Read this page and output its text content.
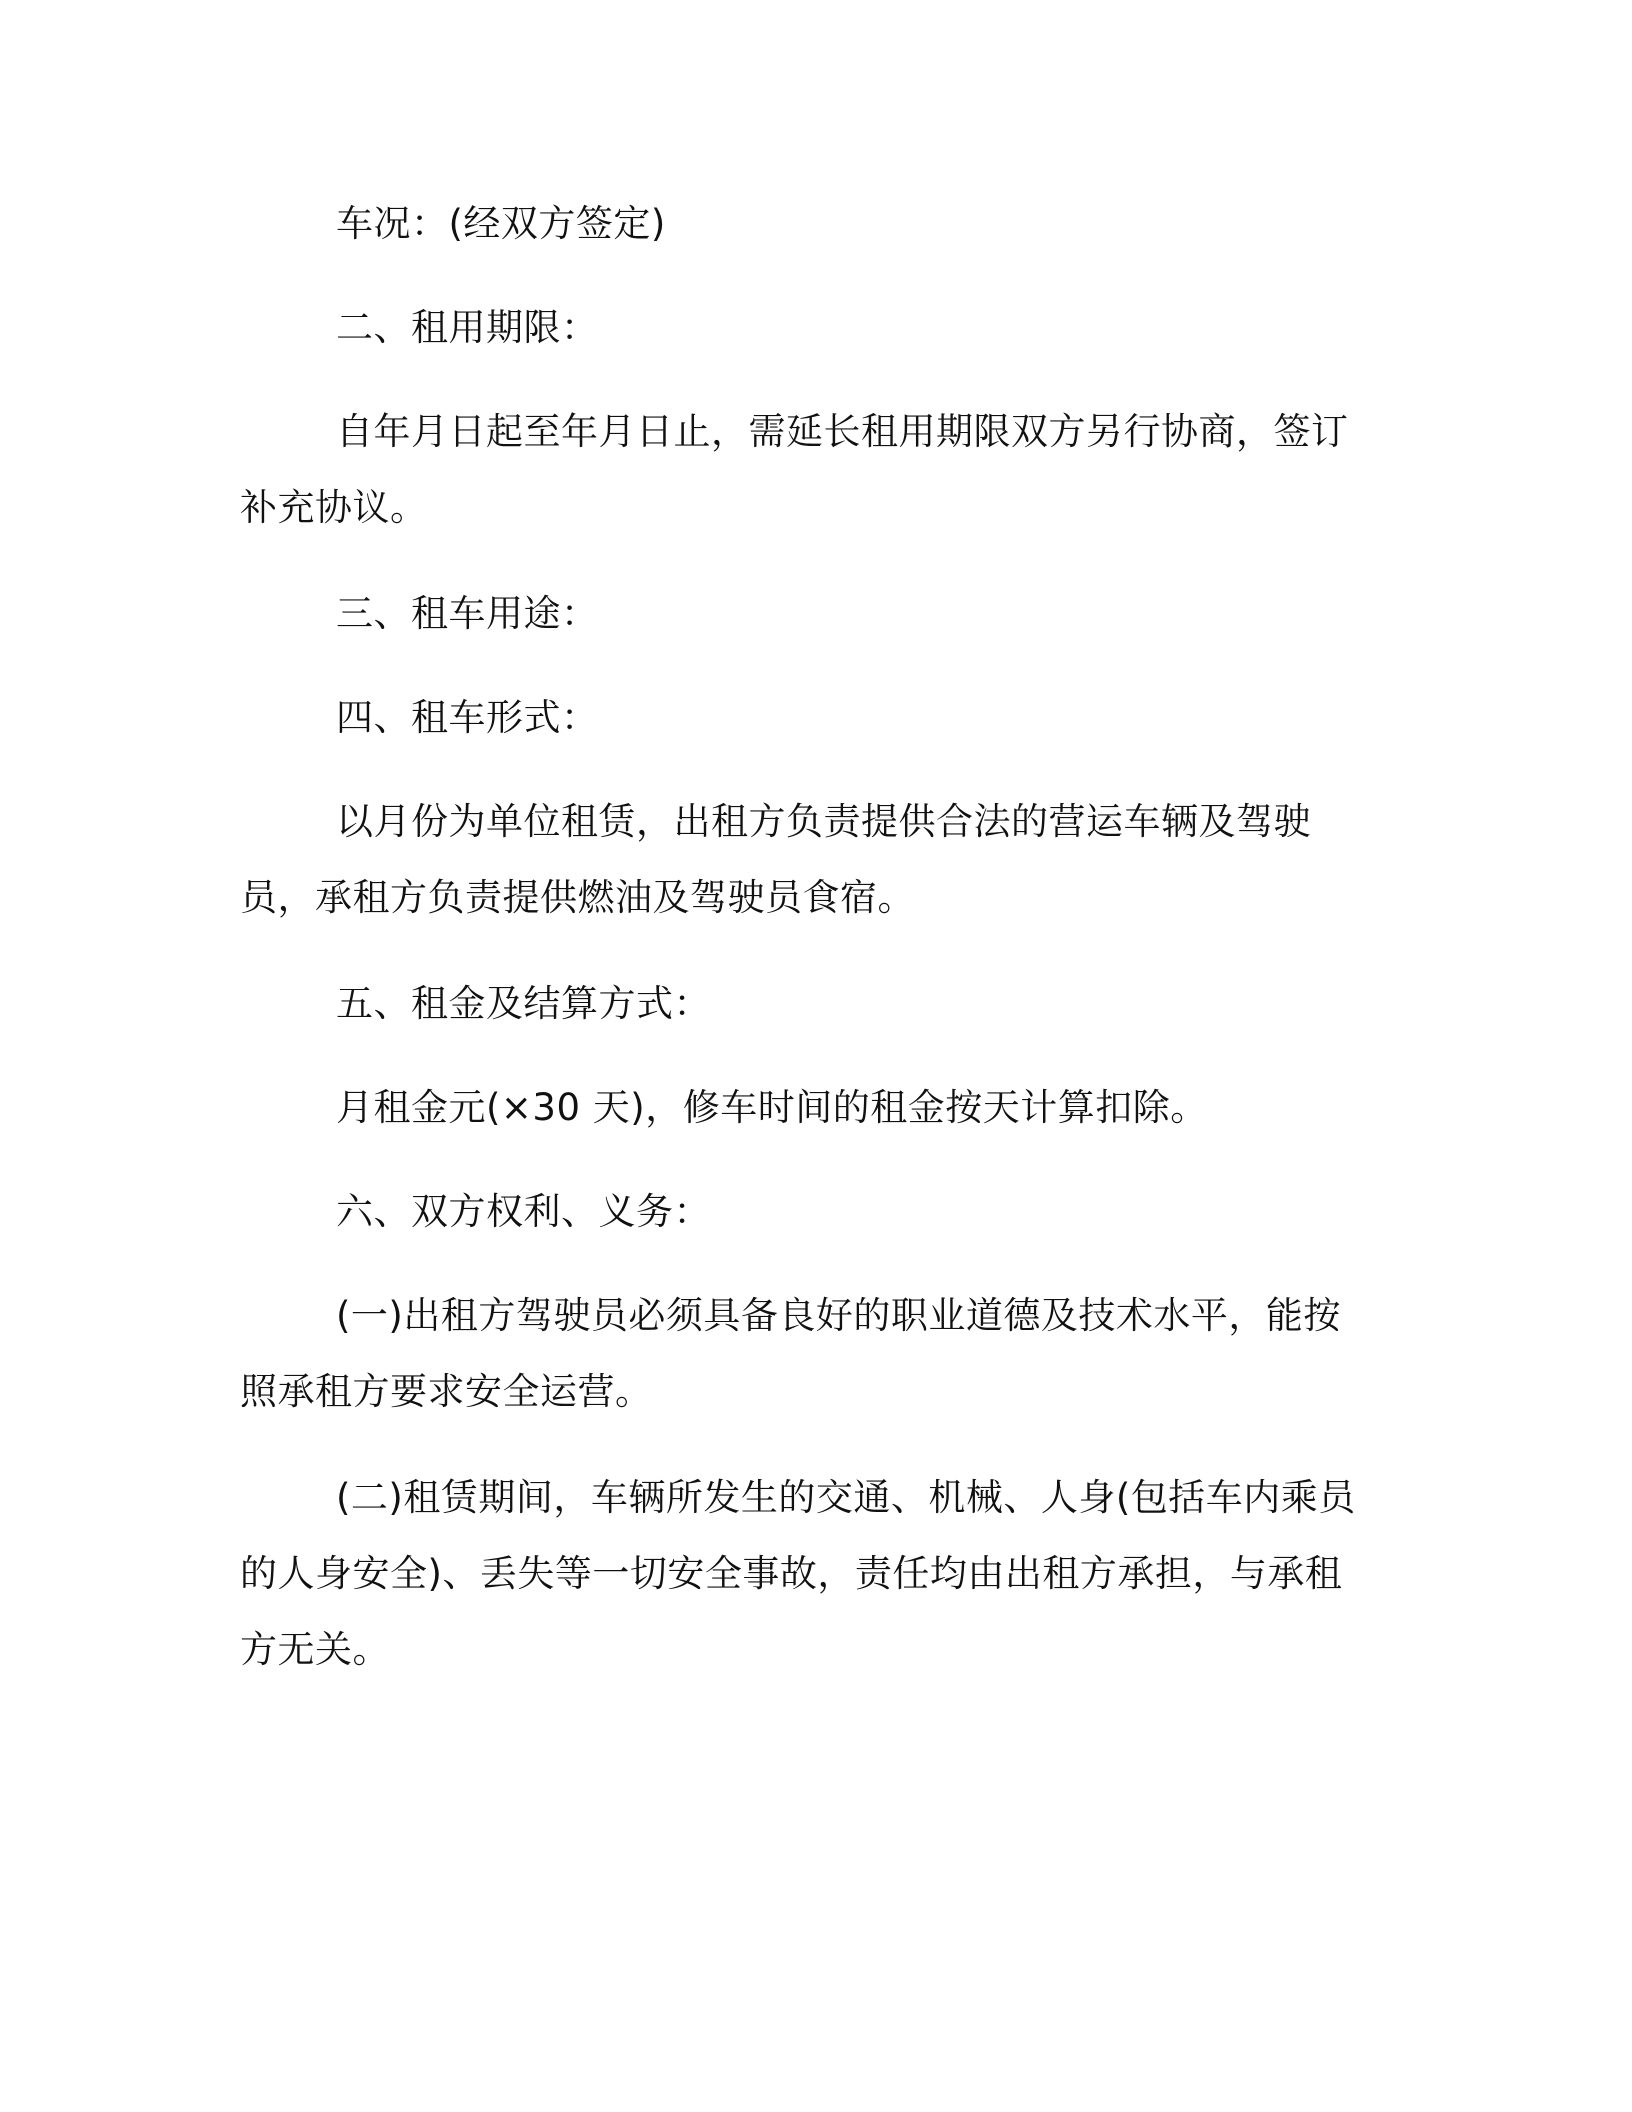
车况：(经双方签定)

二、租用期限：

自年月日起至年月日止，需延长租用期限双方另行协商，签订补充协议。

三、租车用途：

四、租车形式：

以月份为单位租赁，出租方负责提供合法的营运车辆及驾驶员，承租方负责提供燃油及驾驶员食宿。

五、租金及结算方式：

月租金元(×30 天)，修车时间的租金按天计算扣除。

六、双方权利、义务：

(一)出租方驾驶员必须具备良好的职业道德及技术水平，能按照承租方要求安全运营。

(二)租赁期间，车辆所发生的交通、机械、人身(包括车内乘员的人身安全)、丢失等一切安全事故，责任均由出租方承担，与承租方无关。
